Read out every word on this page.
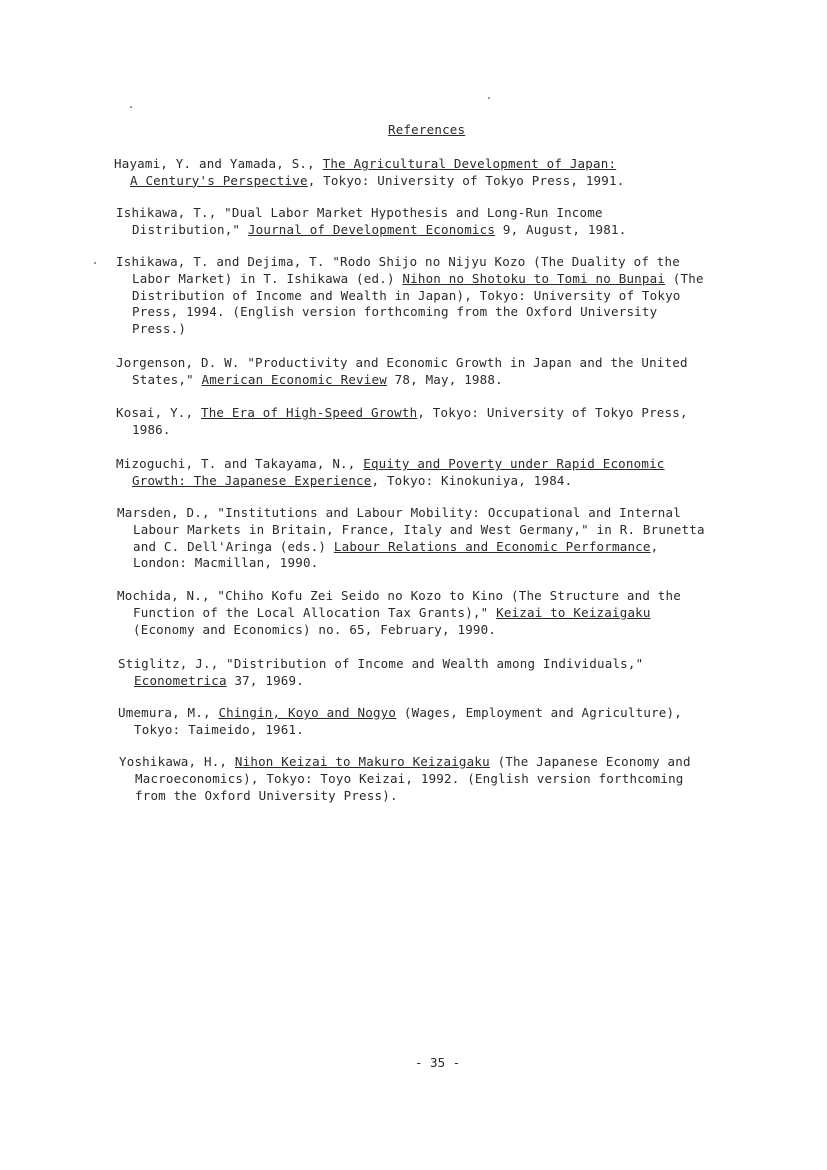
References
Hayami, Y. and Yamada, S., The Agricultural Development of Japan:
A Century's Perspective, Tokyo: University of Tokyo Press, 1991.
Ishikawa, T., "Dual Labor Market Hypothesis and Long-Run Income
Distribution," Journal of Development Economics 9, August, 1981.
Ishikawa, T. and Dejima, T. "Rodo Shijo no Nijyu Kozo (The Duality of the
Labor Market) in T. Ishikawa (ed.) Nihon no Shotoku to Tomi no Bunpai (The
Distribution of Income and Wealth in Japan), Tokyo: University of Tokyo
Press, 1994. (English version forthcoming from the Oxford University
Press.)
Jorgenson, D. W. "Productivity and Economic Growth in Japan and the United
States," American Economic Review 78, May, 1988.
Kosai, Y., The Era of High-Speed Growth, Tokyo: University of Tokyo Press,
1986.
Mizoguchi, T. and Takayama, N., Equity and Poverty under Rapid Economic
Growth: The Japanese Experience, Tokyo: Kinokuniya, 1984.
Marsden, D., "Institutions and Labour Mobility: Occupational and Internal
Labour Markets in Britain, France, Italy and West Germany," in R. Brunetta
and C. Dell'Aringa (eds.) Labour Relations and Economic Performance,
London: Macmillan, 1990.
Mochida, N., "Chiho Kofu Zei Seido no Kozo to Kino (The Structure and the
Function of the Local Allocation Tax Grants)," Keizai to Keizaigaku
(Economy and Economics) no. 65, February, 1990.
Stiglitz, J., "Distribution of Income and Wealth among Individuals,"
Econometrica 37, 1969.
Umemura, M., Chingin, Koyo and Nogyo (Wages, Employment and Agriculture),
Tokyo: Taimeido, 1961.
Yoshikawa, H., Nihon Keizai to Makuro Keizaigaku (The Japanese Economy and
Macroeconomics), Tokyo: Toyo Keizai, 1992. (English version forthcoming
from the Oxford University Press).
- 35 -
